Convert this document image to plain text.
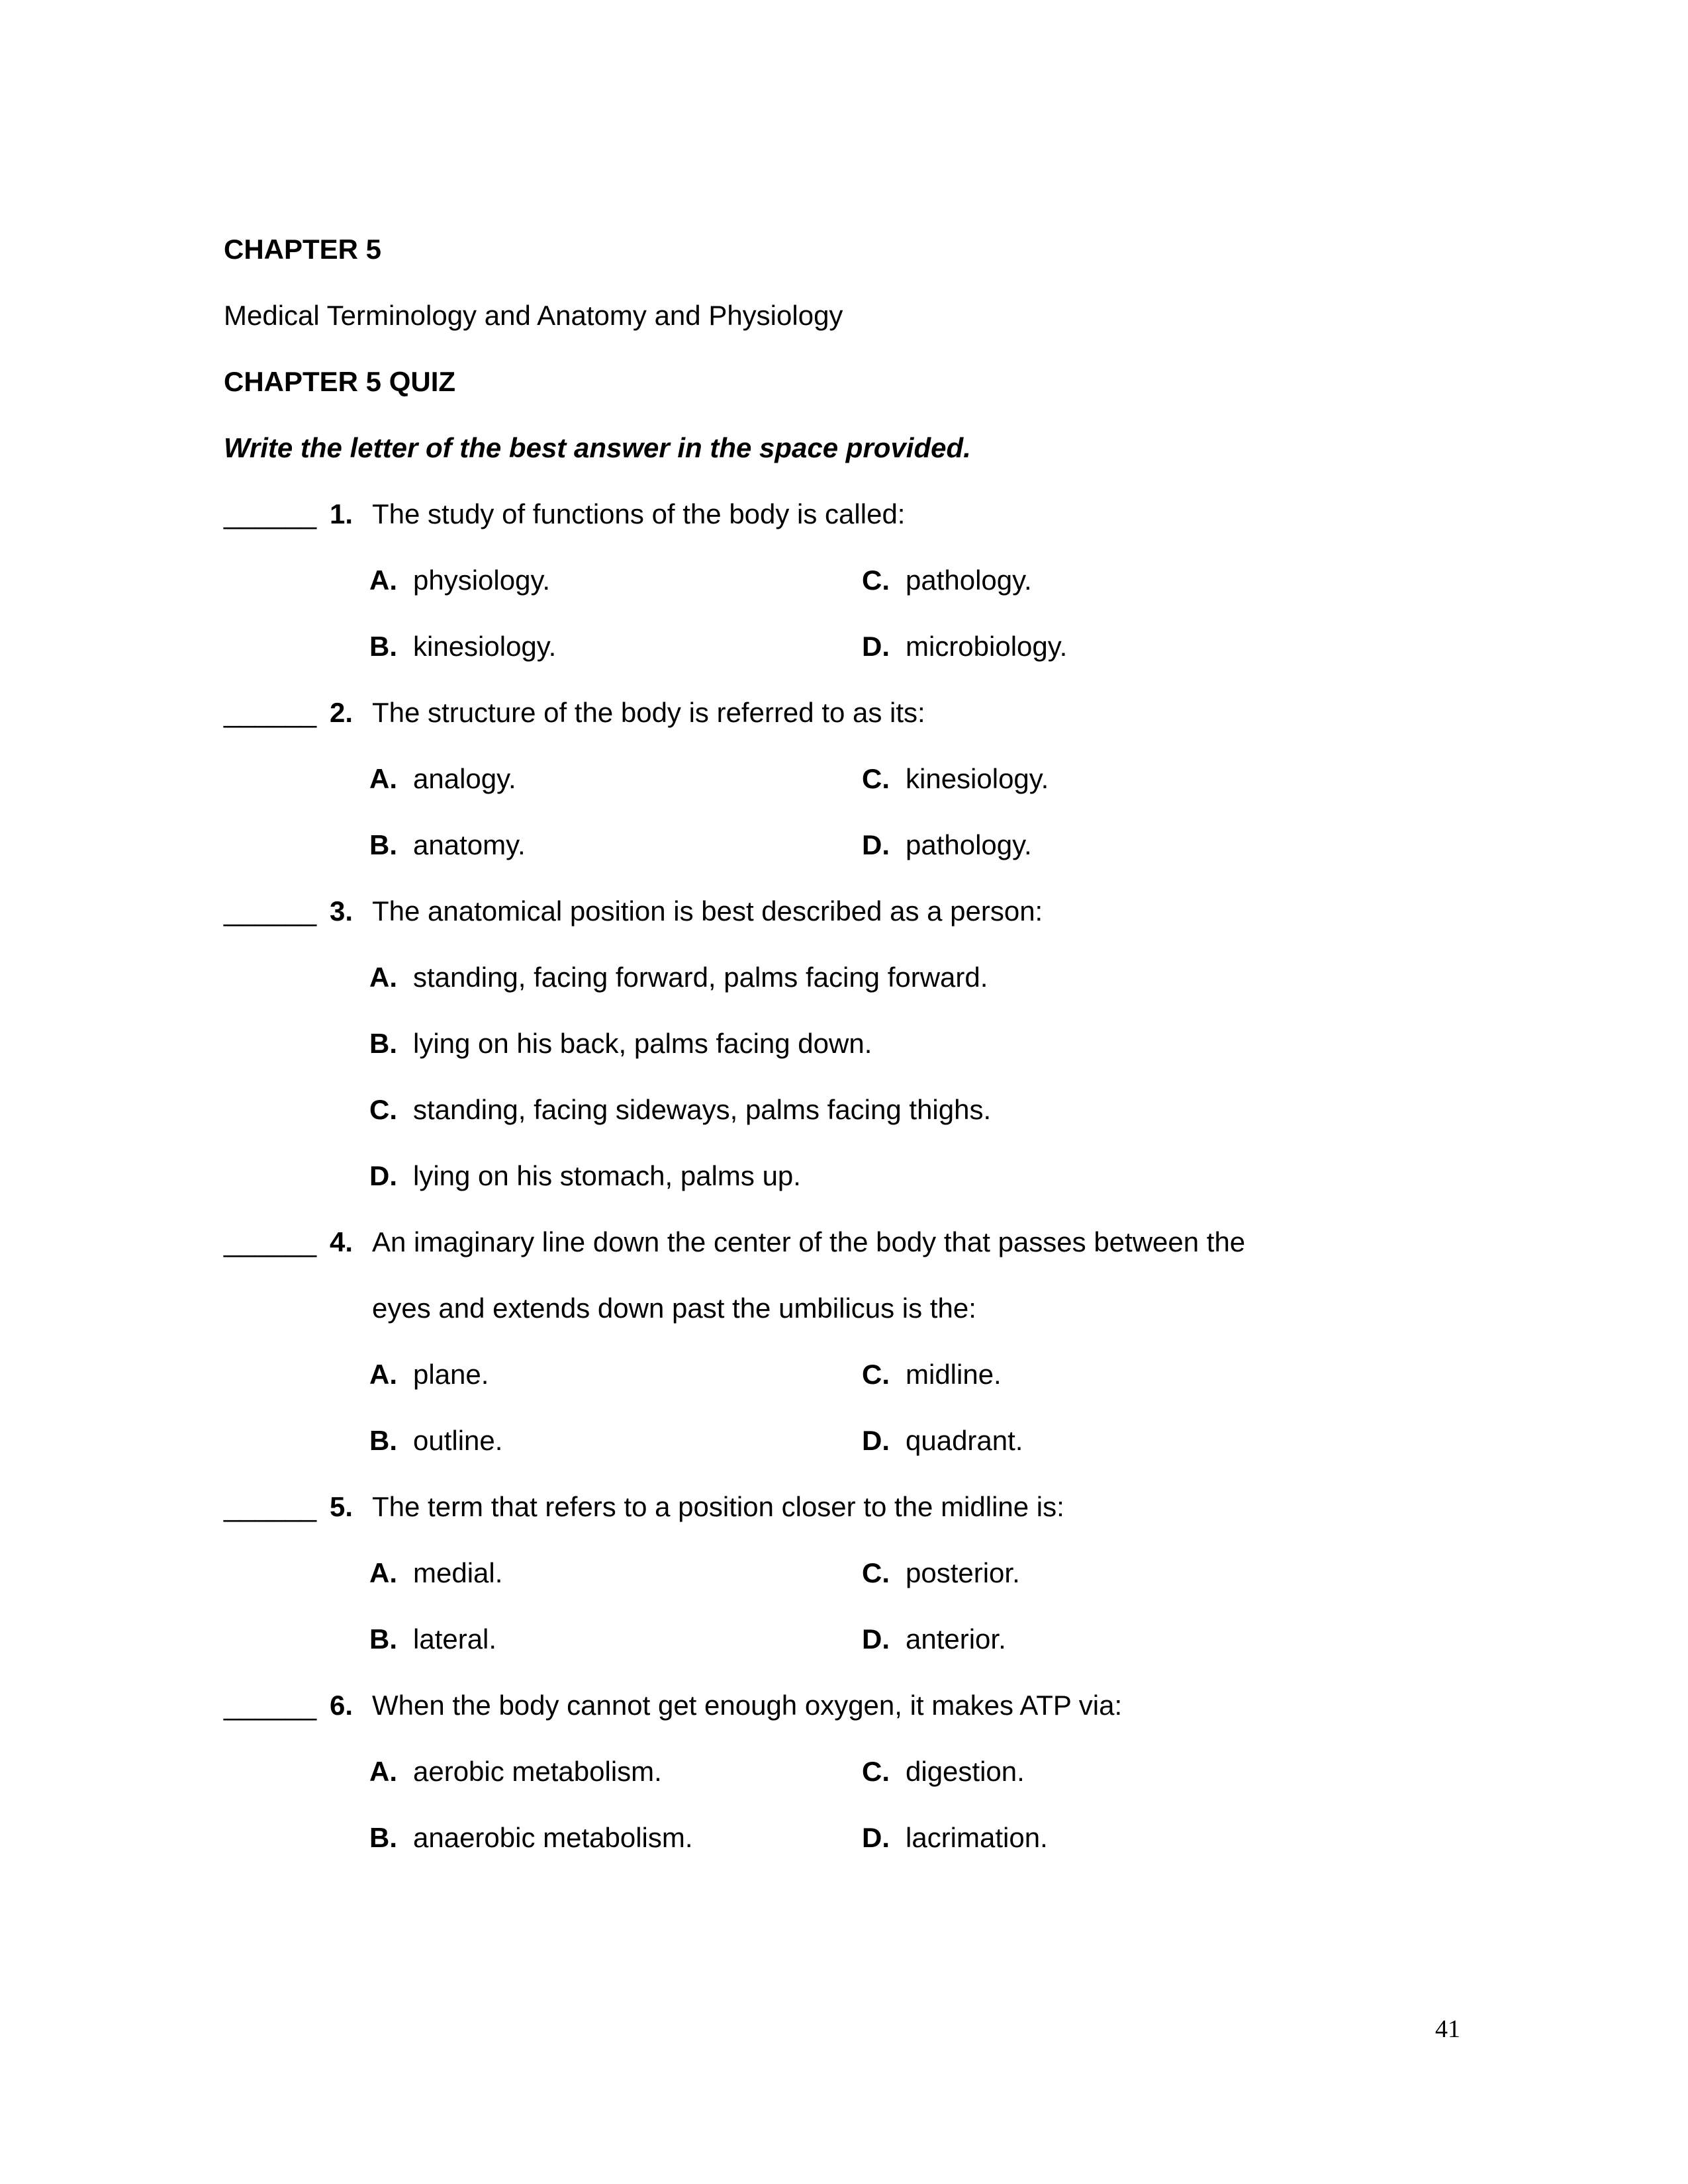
CHAPTER 5
Medical Terminology and Anatomy and Physiology
CHAPTER 5 QUIZ
Write the letter of the best answer in the space provided.
______ 1. The study of functions of the body is called:
A. physiology.
B. kinesiology.
C. pathology.
D. microbiology.
______ 2. The structure of the body is referred to as its:
A. analogy.
B. anatomy.
C. kinesiology.
D. pathology.
______ 3. The anatomical position is best described as a person:
A. standing, facing forward, palms facing forward.
B. lying on his back, palms facing down.
C. standing, facing sideways, palms facing thighs.
D. lying on his stomach, palms up.
______ 4. An imaginary line down the center of the body that passes between the
eyes and extends down past the umbilicus is the:
A. plane.
B. outline.
C. midline.
D. quadrant.
______ 5. The term that refers to a position closer to the midline is:
A. medial.
B. lateral.
C. posterior.
D. anterior.
______ 6. When the body cannot get enough oxygen, it makes ATP via:
A. aerobic metabolism.
B. anaerobic metabolism.
C. digestion.
D. lacrimation.
41
